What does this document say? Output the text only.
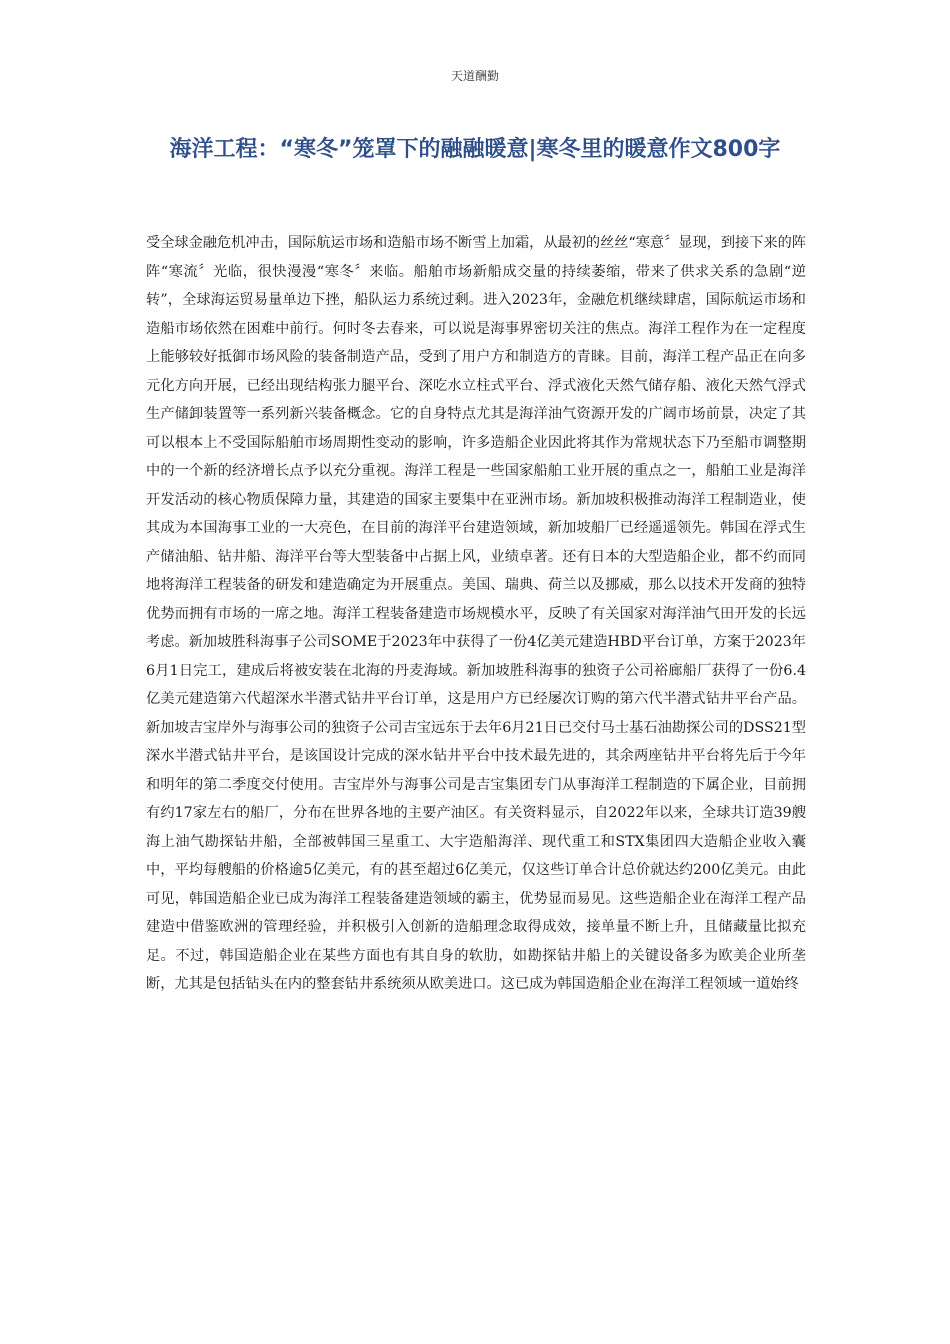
天道酬勤
海洋工程：“寒冬”笼罩下的融融暖意|寒冬里的暖意作文800字
受全球金融危机冲击，国际航运市场和造船市场不断雪上加霜，从最初的丝丝“寒意〞显现，到接下来的阵阵“寒流〞光临，很快漫漫“寒冬〞来临。船舶市场新船成交量的持续萎缩，带来了供求关系的急剧“逆转”，全球海运贸易量单边下挫，船队运力系统过剩。进入2023年，金融危机继续肆虐，国际航运市场和造船市场依然在困难中前行。何时冬去春来，可以说是海事界密切关注的焦点。海洋工程作为在一定程度上能够较好抵御市场风险的装备制造产品，受到了用户方和制造方的青睐。目前，海洋工程产品正在向多元化方向开展，已经出现结构张力腿平台、深吃水立柱式平台、浮式液化天然气储存船、液化天然气浮式生产储卸装置等一系列新兴装备概念。它的自身特点尤其是海洋油气资源开发的广阔市场前景，决定了其可以根本上不受国际船舶市场周期性变动的影响，许多造船企业因此将其作为常规状态下乃至船市调整期中的一个新的经济增长点予以充分重视。海洋工程是一些国家船舶工业开展的重点之一，船舶工业是海洋开发活动的核心物质保障力量，其建造的国家主要集中在亚洲市场。新加坡积极推动海洋工程制造业，使其成为本国海事工业的一大亮色，在目前的海洋平台建造领域，新加坡船厂已经遥遥领先。韩国在浮式生产储油船、钻井船、海洋平台等大型装备中占据上风，业绩卓著。还有日本的大型造船企业，都不约而同地将海洋工程装备的研发和建造确定为开展重点。美国、瑞典、荷兰以及挪威，那么以技术开发商的独特优势而拥有市场的一席之地。海洋工程装备建造市场规模水平，反映了有关国家对海洋油气田开发的长远考虑。新加坡胜科海事子公司SOME于2023年中获得了一份4亿美元建造HBD平台订单，方案于2023年6月1日完工，建成后将被安装在北海的丹麦海域。新加坡胜科海事的独资子公司裕廊船厂获得了一份6.4亿美元建造第六代超深水半潜式钻井平台订单，这是用户方已经屡次订购的第六代半潜式钻井平台产品。新加坡吉宝岸外与海事公司的独资子公司吉宝远东于去年6月21日已交付马士基石油勘探公司的DSS21型深水半潜式钻井平台，是该国设计完成的深水钻井平台中技术最先进的，其余两座钻井平台将先后于今年和明年的第二季度交付使用。吉宝岸外与海事公司是吉宝集团专门从事海洋工程制造的下属企业，目前拥有约17家左右的船厂，分布在世界各地的主要产油区。有关资料显示，自2022年以来，全球共订造39艘海上油气勘探钻井船，全部被韩国三星重工、大宇造船海洋、现代重工和STX集团四大造船企业收入囊中，平均每艘船的价格逾5亿美元，有的甚至超过6亿美元，仅这些订单合计总价就达约200亿美元。由此可见，韩国造船企业已成为海洋工程装备建造领域的霸主，优势显而易见。这些造船企业在海洋工程产品建造中借鉴欧洲的管理经验，并积极引入创新的造船理念取得成效，接单量不断上升，且储藏量比拟充足。不过，韩国造船企业在某些方面也有其自身的软肋，如勘探钻井船上的关键设备多为欧美企业所垄断，尤其是包括钻头在内的整套钻井系统须从欧美进口。这已成为韩国造船企业在海洋工程领域一道始终
